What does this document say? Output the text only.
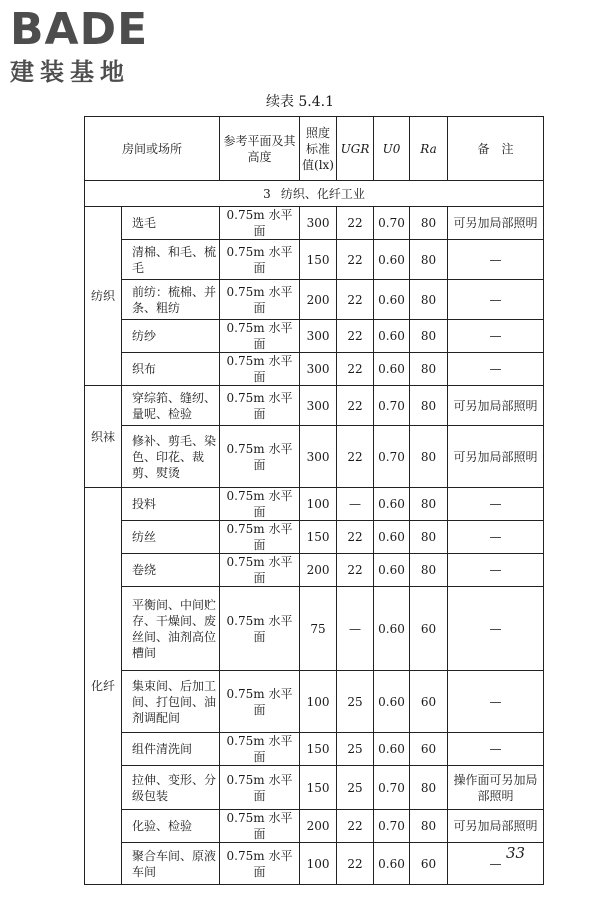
BADE
建装基地
续表 5.4.1
房间或场所		参考平面及其高度	照度标准值(lx)	UGR	U0	Ra	备　注
3 纺织、化纤工业							
纺织	选毛	0.75m 水平面	300	22	0.70	80	可另加局部照明
	清棉、和毛、梳毛	0.75m 水平面	150	22	0.60	80	—
	前纺：梳棉、并条、粗纺	0.75m 水平面	200	22	0.60	80	—
	纺纱	0.75m 水平面	300	22	0.60	80	—
	织布	0.75m 水平面	300	22	0.60	80	—
织袜	穿综筘、缝纫、量呢、检验	0.75m 水平面	300	22	0.70	80	可另加局部照明
	修补、剪毛、染色、印花、裁剪、熨烫	0.75m 水平面	300	22	0.70	80	可另加局部照明
化纤	投料	0.75m 水平面	100	—	0.60	80	—
	纺丝	0.75m 水平面	150	22	0.60	80	—
	卷绕	0.75m 水平面	200	22	0.60	80	—
	平衡间、中间贮存、干燥间、废丝间、油剂高位槽间	0.75m 水平面	75	—	0.60	60	—
	集束间、后加工间、打包间、油剂调配间	0.75m 水平面	100	25	0.60	60	—
	组件清洗间	0.75m 水平面	150	25	0.60	60	—
	拉伸、变形、分级包装	0.75m 水平面	150	25	0.70	80	操作面可另加局部照明
	化验、检验	0.75m 水平面	200	22	0.70	80	可另加局部照明
	聚合车间、原液车间	0.75m 水平面	100	22	0.60	60	—
33
